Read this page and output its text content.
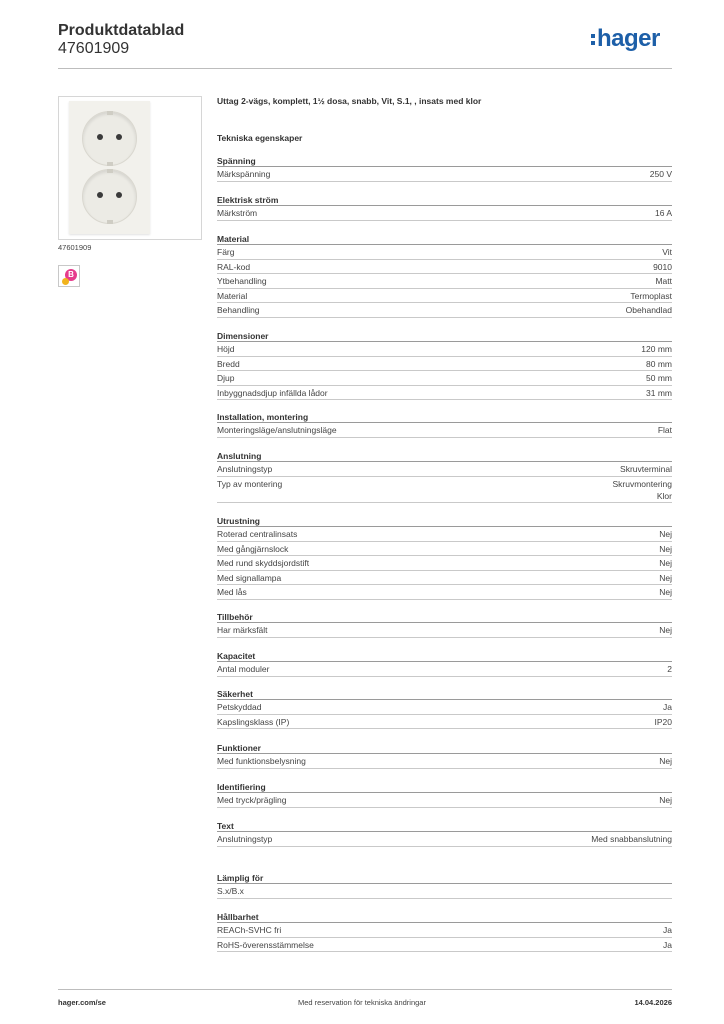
Produktdatablad
47601909	hager
47601909
B
Uttag 2-vägs, komplett, 1½ dosa, snabb, Vit, S.1, , insats med klor
Tekniska egenskaper
Spänning
Märkspänning	250 V
Elektrisk ström
Märkström	16 A
Material
Färg	Vit
RAL-kod	9010
Ytbehandling	Matt
Material	Termoplast
Behandling	Obehandlad
Dimensioner
Höjd	120 mm
Bredd	80 mm
Djup	50 mm
Inbyggnadsdjup infällda lådor	31 mm
Installation, montering
Monteringsläge/anslutningsläge	Flat
Anslutning
Anslutningstyp	Skruvterminal
Typ av montering	Skruvmontering
Klor
Utrustning
Roterad centralinsats	Nej
Med gångjärnslock	Nej
Med rund skyddsjordstift	Nej
Med signallampa	Nej
Med lås	Nej
Tillbehör
Har märksfält	Nej
Kapacitet
Antal moduler	2
Säkerhet
Petskyddad	Ja
Kapslingsklass (IP)	IP20
Funktioner
Med funktionsbelysning	Nej
Identifiering
Med tryck/prägling	Nej
Text
Anslutningstyp	Med snabbanslutning
Lämplig för
S.x/B.x
Hållbarhet
REACh-SVHC fri	Ja
RoHS-överensstämmelse	Ja
hager.com/se	Med reservation för tekniska ändringar	14.04.2026
